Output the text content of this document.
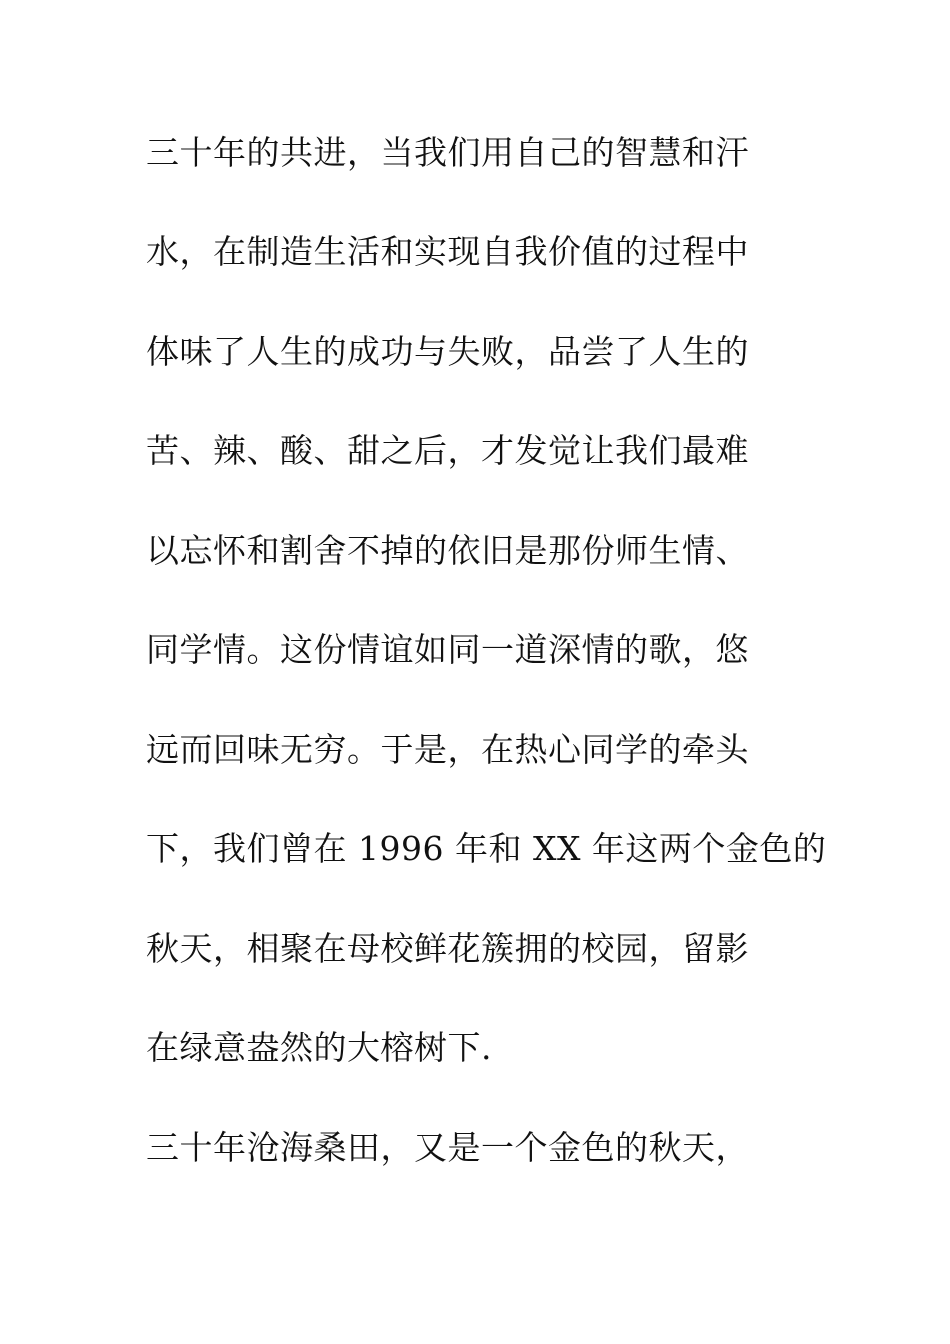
三十年的共进，当我们用自己的智慧和汗
水，在制造生活和实现自我价值的过程中
体味了人生的成功与失败，品尝了人生的
苦、辣、酸、甜之后，才发觉让我们最难
以忘怀和割舍不掉的依旧是那份师生情、
同学情。这份情谊如同一道深情的歌，悠
远而回味无穷。于是，在热心同学的牵头
下，我们曾在 1996 年和 XX 年这两个金色的
秋天，相聚在母校鲜花簇拥的校园，留影
在绿意盎然的大榕树下.
三十年沧海桑田，又是一个金色的秋天，
